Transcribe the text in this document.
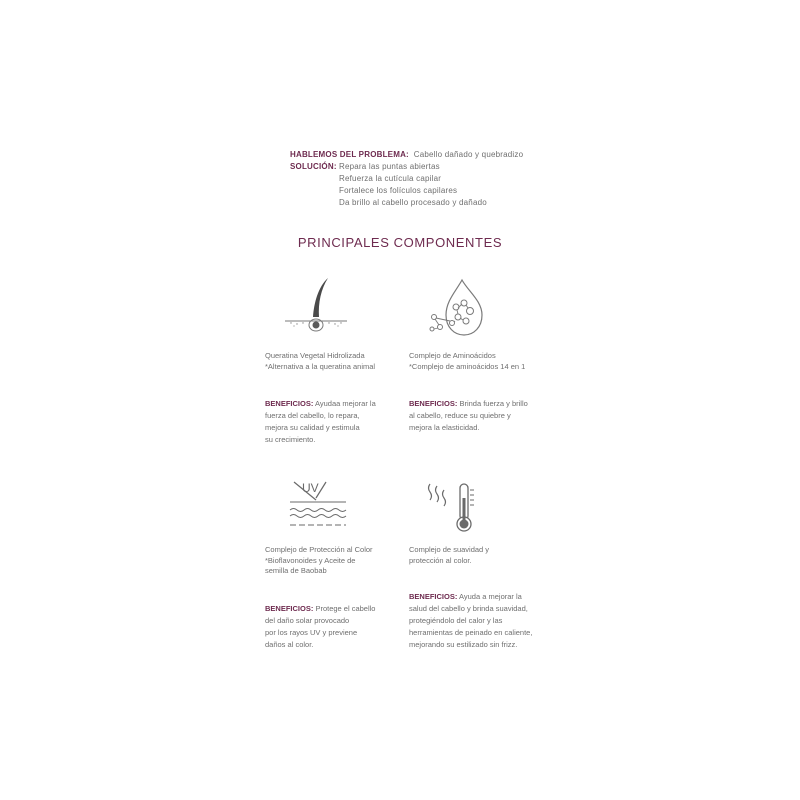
HABLEMOS DEL PROBLEMA: Cabello dañado y quebradizo
SOLUCIÓN: Repara las puntas abiertas
Refuerza la cutícula capilar
Fortalece los folículos capilares
Da brillo al cabello procesado y dañado
PRINCIPALES COMPONENTES
UV
Queratina Vegetal Hidrolizada
*Alternativa a la queratina animal
Complejo de Aminoácidos
*Complejo de aminoácidos 14 en 1
Complejo de Protección al Color
*Bioflavonoides y Aceite de
semilla de Baobab
Complejo de suavidad y
protección al color.
BENEFICIOS: Ayudaa mejorar la
fuerza del cabello, lo repara,
mejora su calidad y estimula
su crecimiento.
BENEFICIOS: Brinda fuerza y brillo
al cabello, reduce su quiebre y
mejora la elasticidad.
BENEFICIOS: Protege el cabello
del daño solar provocado
por los rayos UV y previene
daños al color.
BENEFICIOS: Ayuda a mejorar la
salud del cabello y brinda suavidad,
protegiéndolo del calor y las
herramientas de peinado en caliente,
mejorando su estilizado sin frizz.
